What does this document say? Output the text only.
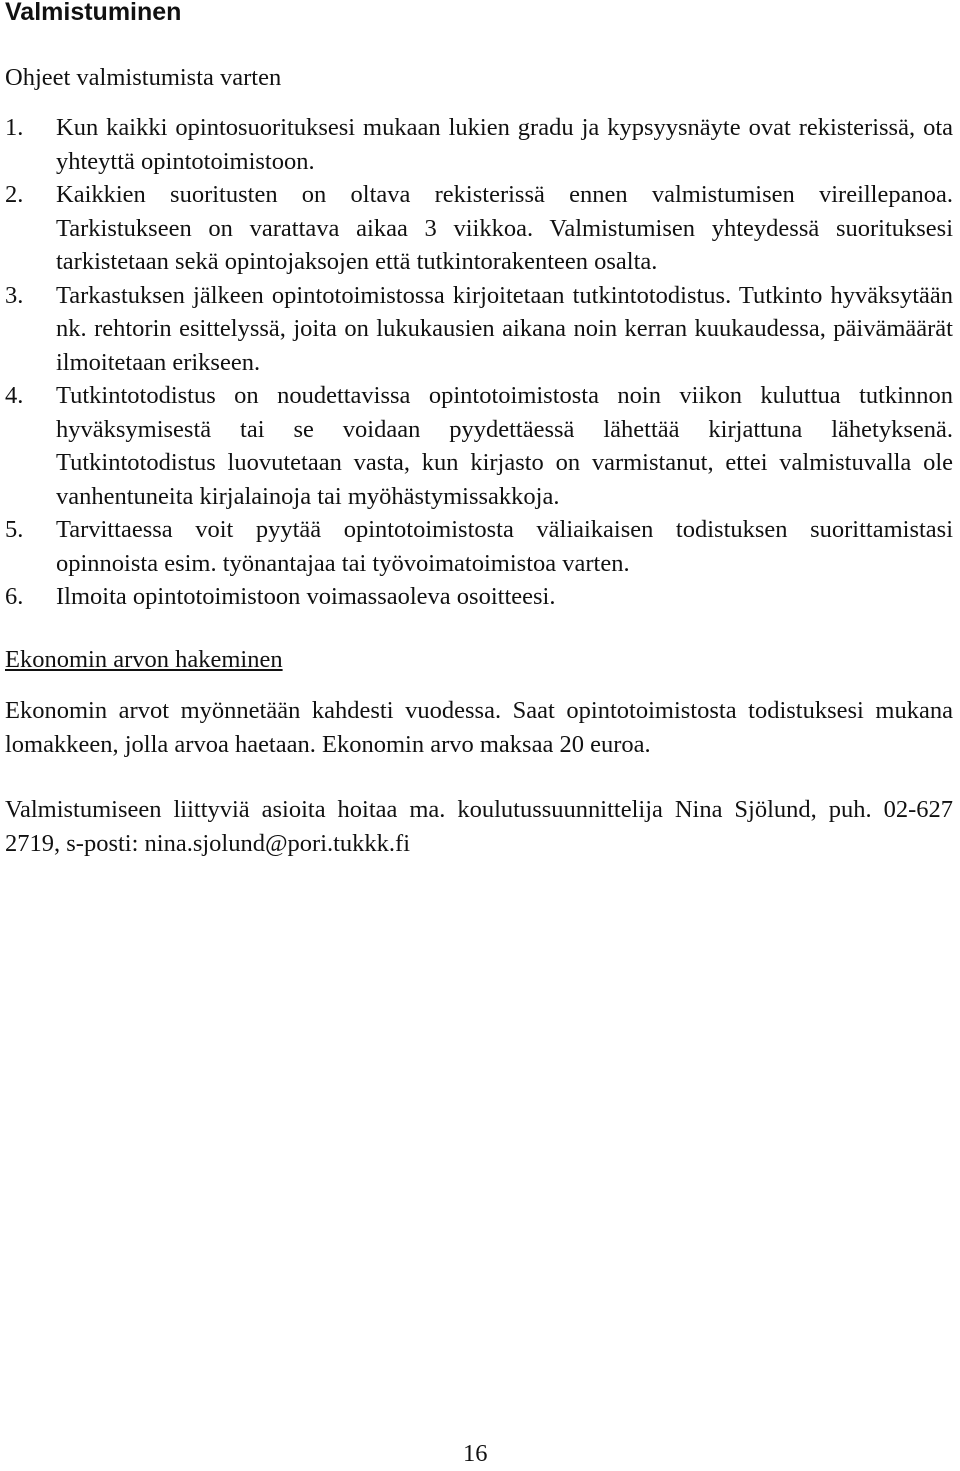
Valmistuminen

Ohjeet valmistumista varten

1. Kun kaikki opintosuorituksesi mukaan lukien gradu ja kypsyysnäyte ovat rekisterissä, ota yhteyttä opintotoimistoon.
2. Kaikkien suoritusten on oltava rekisterissä ennen valmistumisen vireillepanoa. Tarkistukseen on varattava aikaa 3 viikkoa. Valmistumisen yhteydessä suorituksesi tarkistetaan sekä opintojaksojen että tutkintorakenteen osalta.
3. Tarkastuksen jälkeen opintotoimistossa kirjoitetaan tutkintotodistus. Tutkinto hyväksytään nk. rehtorin esittelyssä, joita on lukukausien aikana noin kerran kuukaudessa, päivämäärät ilmoitetaan erikseen.
4. Tutkintotodistus on noudettavissa opintotoimistosta noin viikon kuluttua tutkinnon hyväksymisestä tai se voidaan pyydettäessä lähettää kirjattuna lähetyksenä. Tutkintotodistus luovutetaan vasta, kun kirjasto on varmistanut, ettei valmistuvalla ole vanhentuneita kirjalainoja tai myöhästymissakkoja.
5. Tarvittaessa voit pyytää opintotoimistosta väliaikaisen todistuksen suorittamistasi opinnoista esim. työnantajaa tai työvoimatoimistoa varten.
6. Ilmoita opintotoimistoon voimassaoleva osoitteesi.
Ekonomin arvon hakeminen

Ekonomin arvot myönnetään kahdesti vuodessa. Saat opintotoimistosta todistuksesi mukana lomakkeen, jolla arvoa haetaan. Ekonomin arvo maksaa 20 euroa.

Valmistumiseen liittyviä asioita hoitaa ma. koulutussuunnittelija Nina Sjölund, puh. 02-627 2719, s-posti: nina.sjolund@pori.tukkk.fi

16
